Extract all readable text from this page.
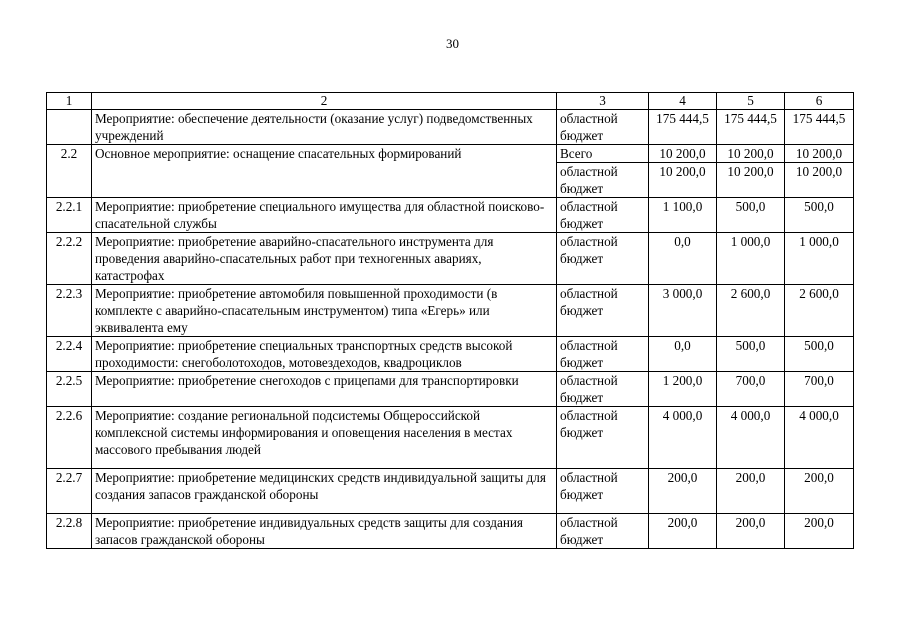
30
1	2	3	4	5	6
	Мероприятие: обеспечение деятельности (оказание услуг) подведомственных учреждений	областной бюджет	175 444,5	175 444,5	175 444,5
2.2	Основное мероприятие: оснащение спасательных формирований	Всего	10 200,0	10 200,0	10 200,0
		областной бюджет	10 200,0	10 200,0	10 200,0
2.2.1	Мероприятие: приобретение специального имущества для областной поисково-спасательной службы	областной бюджет	1 100,0	500,0	500,0
2.2.2	Мероприятие: приобретение аварийно-спасательного инструмента для проведения аварийно-спасательных работ при техногенных авариях, катастрофах	областной бюджет	0,0	1 000,0	1 000,0
2.2.3	Мероприятие: приобретение автомобиля повышенной проходимости (в комплекте с аварийно-спасательным инструментом) типа «Егерь» или эквивалента ему	областной бюджет	3 000,0	2 600,0	2 600,0
2.2.4	Мероприятие: приобретение специальных транспортных средств высокой проходимости: снегоболотоходов, мотовездеходов, квадроциклов	областной бюджет	0,0	500,0	500,0
2.2.5	Мероприятие: приобретение снегоходов с прицепами для транспортировки	областной бюджет	1 200,0	700,0	700,0
2.2.6	Мероприятие: создание региональной подсистемы Общероссийской комплексной системы информирования и оповещения населения в местах массового пребывания людей	областной бюджет	4 000,0	4 000,0	4 000,0
2.2.7	Мероприятие: приобретение медицинских средств индивидуальной защиты для создания запасов гражданской обороны	областной бюджет	200,0	200,0	200,0
2.2.8	Мероприятие: приобретение индивидуальных средств защиты для создания запасов гражданской обороны	областной бюджет	200,0	200,0	200,0
